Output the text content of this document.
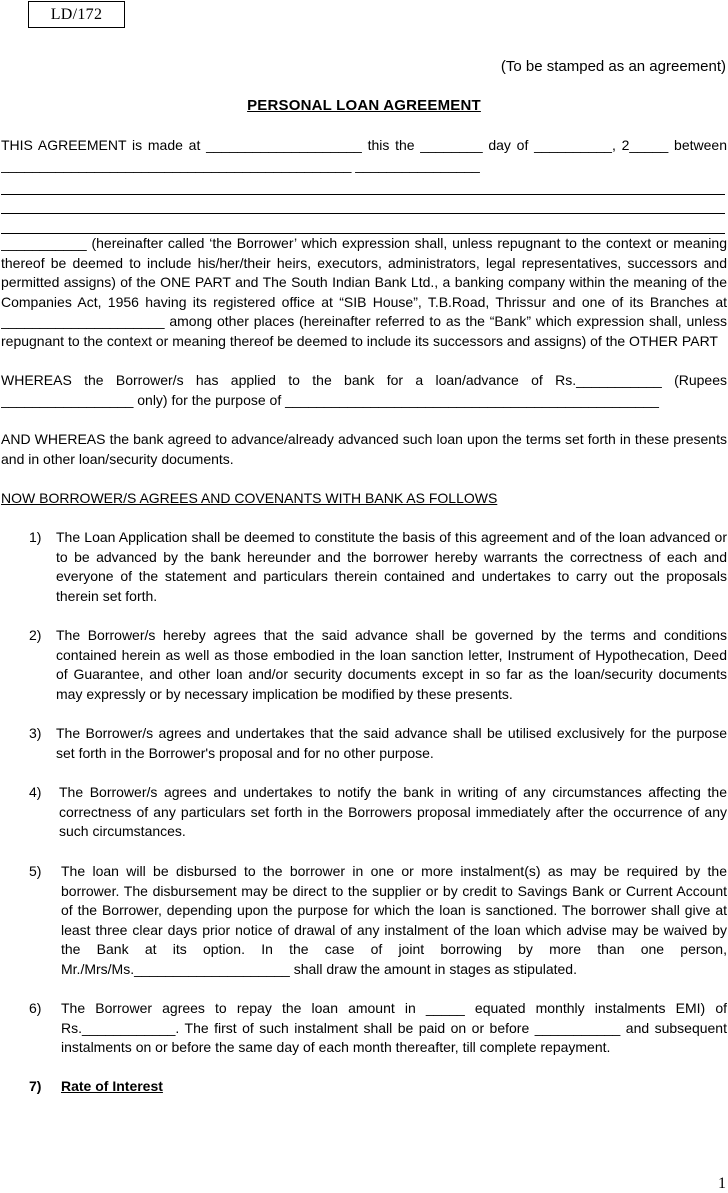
LD/172
(To be stamped as an agreement)
PERSONAL LOAN AGREEMENT
THIS AGREEMENT is made at ____________________ this the ________ day of __________, 2_____ between
_____________________________________________ ________________
___________ (hereinafter called ‘the Borrower’ which expression shall, unless repugnant to the context or meaning
thereof be deemed to include his/her/their heirs, executors, administrators, legal representatives, successors and
permitted assigns) of the ONE PART and The South Indian Bank Ltd., a banking company within the meaning of the
Companies Act, 1956 having its registered office at “SIB House”, T.B.Road, Thrissur and one of its Branches at
_____________________ among other places (hereinafter referred to as the “Bank” which expression shall, unless
repugnant to the context or meaning thereof be deemed to include its successors and assigns) of the OTHER PART
WHEREAS the Borrower/s has applied to the bank for a loan/advance of Rs.___________ (Rupees
_________________ only) for the purpose of ________________________________________________
AND WHEREAS the bank agreed to advance/already advanced such loan upon the terms set forth in these presents
and in other loan/security documents.
NOW BORROWER/S AGREES AND COVENANTS WITH BANK AS FOLLOWS
1) The Loan Application shall be deemed to constitute the basis of this agreement and of the loan advanced or
to be advanced by the bank hereunder and the borrower hereby warrants the correctness of each and
everyone of the statement and particulars therein contained and undertakes to carry out the proposals
therein set forth.
2) The Borrower/s hereby agrees that the said advance shall be governed by the terms and conditions
contained herein as well as those embodied in the loan sanction letter, Instrument of Hypothecation, Deed
of Guarantee, and other loan and/or security documents except in so far as the loan/security documents
may expressly or by necessary implication be modified by these presents.
3) The Borrower/s agrees and undertakes that the said advance shall be utilised exclusively for the purpose
set forth in the Borrower's proposal and for no other purpose.
4) The Borrower/s agrees and undertakes to notify the bank in writing of any circumstances affecting the
correctness of any particulars set forth in the Borrowers proposal immediately after the occurrence of any
such circumstances.
5) The loan will be disbursed to the borrower in one or more instalment(s) as may be required by the
borrower. The disbursement may be direct to the supplier or by credit to Savings Bank or Current Account
of the Borrower, depending upon the purpose for which the loan is sanctioned. The borrower shall give at
least three clear days prior notice of drawal of any instalment of the loan which advise may be waived by
the Bank at its option. In the case of joint borrowing by more than one person,
Mr./Mrs/Ms.____________________ shall draw the amount in stages as stipulated.
6) The Borrower agrees to repay the loan amount in _____ equated monthly instalments EMI) of
Rs.____________. The first of such instalment shall be paid on or before ___________ and subsequent
instalments on or before the same day of each month thereafter, till complete repayment.
7) Rate of Interest
1
